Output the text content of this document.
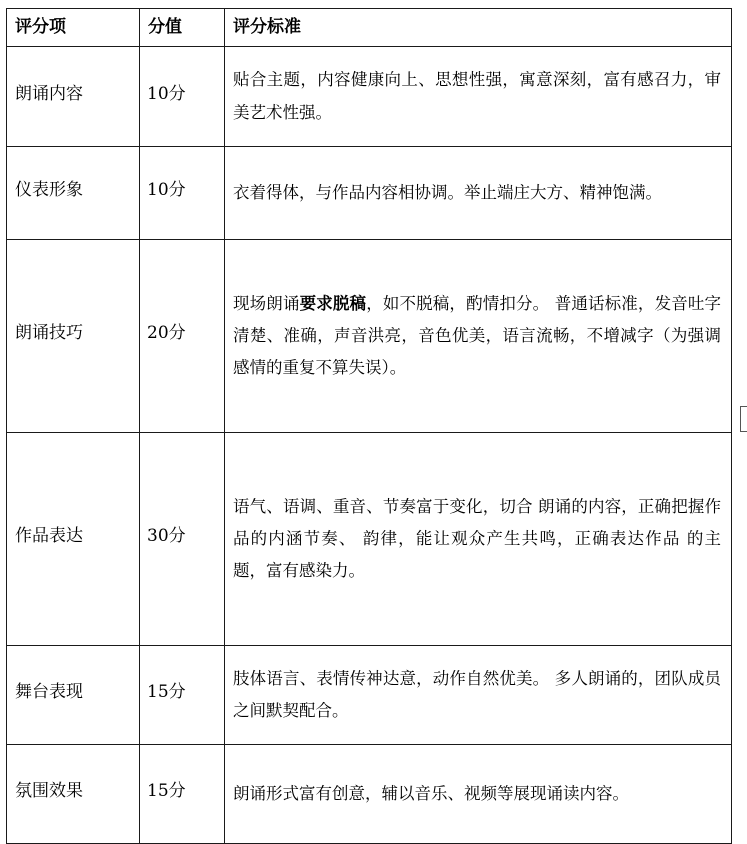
评分项	分值	评分标准

朗诵内容	10分	贴合主题，内容健康向上、思想性强，寓意深刻，富有感召力，审美艺术性强。

仪表形象	10分	衣着得体，与作品内容相协调。举止端庄大方、精神饱满。

朗诵技巧	20分	现场朗诵要求脱稿，如不脱稿，酌情扣分。 普通话标准，发音吐字清楚、准确，声音洪亮，音色优美，语言流畅，不增减字（为强调感情的重复不算失误）。

作品表达	30分	语气、语调、重音、节奏富于变化，切合 朗诵的内容，正确把握作品的内涵节奏、 韵律，能让观众产生共鸣，正确表达作品 的主题，富有感染力。

舞台表现	15分	肢体语言、表情传神达意，动作自然优美。 多人朗诵的，团队成员之间默契配合。

氛围效果	15分	朗诵形式富有创意，辅以音乐、视频等展现诵读内容。
